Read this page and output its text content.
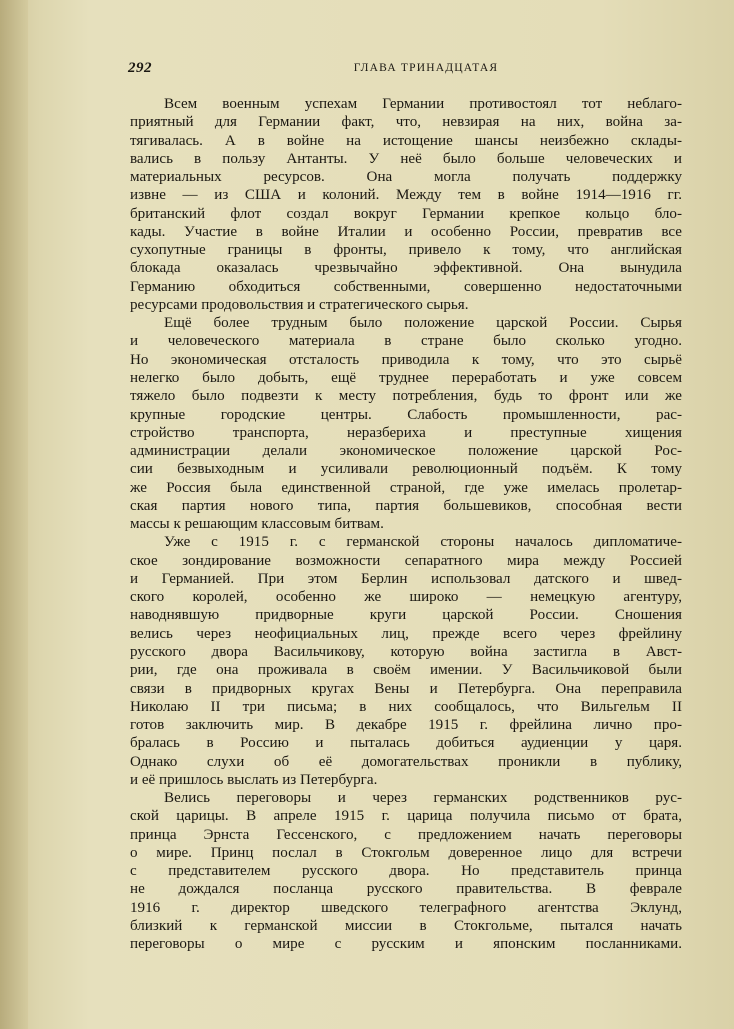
292	ГЛАВА ТРИНАДЦАТАЯ
Всем военным успехам Германии противостоял тот неблаго-
приятный для Германии факт, что, невзирая на них, война за-
тягивалась. А в войне на истощение шансы неизбежно склады-
вались в пользу Антанты. У неё было больше человеческих и
материальных ресурсов. Она могла получать поддержку
извне — из США и колоний. Между тем в войне 1914—1916 гг.
британский флот создал вокруг Германии крепкое кольцо бло-
кады. Участие в войне Италии и особенно России, превратив все
сухопутные границы в фронты, привело к тому, что английская
блокада оказалась чрезвычайно эффективной. Она вынудила
Германию обходиться собственными, совершенно недостаточными
ресурсами продовольствия и стратегического сырья.
Ещё более трудным было положение царской России. Сырья
и человеческого материала в стране было сколько угодно.
Но экономическая отсталость приводила к тому, что это сырьё
нелегко было добыть, ещё труднее переработать и уже совсем
тяжело было подвезти к месту потребления, будь то фронт или же
крупные городские центры. Слабость промышленности, рас-
стройство транспорта, неразбериха и преступные хищения
администрации делали экономическое положение царской Рос-
сии безвыходным и усиливали революционный подъём. К тому
же Россия была единственной страной, где уже имелась пролетар-
ская партия нового типа, партия большевиков, способная вести
массы к решающим классовым битвам.
Уже с 1915 г. с германской стороны началось дипломатиче-
ское зондирование возможности сепаратного мира между Россией
и Германией. При этом Берлин использовал датского и швед-
ского королей, особенно же широко — немецкую агентуру,
наводнявшую придворные круги царской России. Сношения
велись через неофициальных лиц, прежде всего через фрейлину
русского двора Васильчикову, которую война застигла в Авст-
рии, где она проживала в своём имении. У Васильчиковой были
связи в придворных кругах Вены и Петербурга. Она переправила
Николаю II три письма; в них сообщалось, что Вильгельм II
готов заключить мир. В декабре 1915 г. фрейлина лично про-
бралась в Россию и пыталась добиться аудиенции у царя.
Однако слухи об её домогательствах проникли в публику,
и её пришлось выслать из Петербурга.
Велись переговоры и через германских родственников рус-
ской царицы. В апреле 1915 г. царица получила письмо от брата,
принца Эрнста Гессенского, с предложением начать переговоры
о мире. Принц послал в Стокгольм доверенное лицо для встречи
с представителем русского двора. Но представитель принца
не дождался посланца русского правительства. В феврале
1916 г. директор шведского телеграфного агентства Эклунд,
близкий к германской миссии в Стокгольме, пытался начать
переговоры о мире с русским и японским посланниками.
